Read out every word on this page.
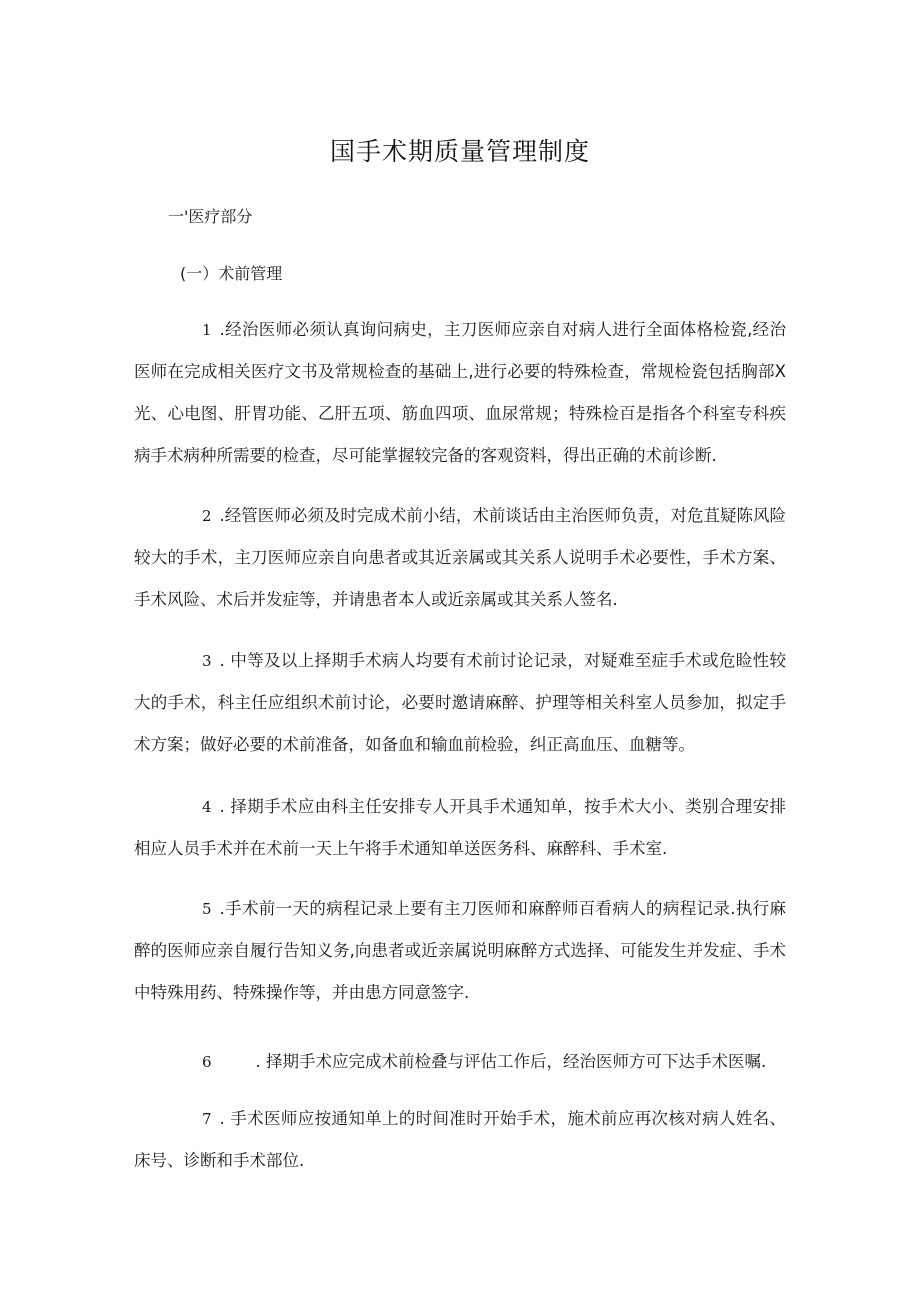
国手术期质量管理制度
一'医疗部分
(一）术前管理

1 .经治医师必须认真询问病史，主刀医师应亲自对病人进行全面体格检瓷,经治医师在完成相关医疗文书及常规检查的基础上,进行必要的特殊检查，常规检瓷包括胸部X光、心电图、肝胃功能、乙肝五项、筋血四项、血尿常规；特殊检百是指各个科室专科疾病手术病种所需要的检查，尽可能掌握较完备的客观资料，得出正确的术前诊断.

2 .经管医师必须及时完成术前小结，术前谈话由主治医师负责，对危苴疑陈风险较大的手术，主刀医师应亲自向患者或其近亲属或其关系人说明手术必要性，手术方案、手术风险、术后并发症等，并请患者本人或近亲属或其关系人签名.

3 . 中等及以上择期手术病人均要有术前讨论记录，对疑难至症手术或危睑性较大的手术，科主任应组织术前讨论，必要时邀请麻醉、护理等相关科室人员参加，拟定手术方案；做好必要的术前准备，如备血和输血前检验，纠正高血压、血糖等。

4 . 择期手术应由科主任安排专人开具手术通知单，按手术大小、类别合理安排相应人员手术并在术前一天上午将手术通知单送医务科、麻醉科、手术室.

5 .手术前一天的病程记录上要有主刀医师和麻醉师百看病人的病程记录.执行麻醉的医师应亲自履行告知义务,向患者或近亲属说明麻醉方式选择、可能发生并发症、手术中特殊用药、特殊操作等，并由患方同意签字.

6	. 择期手术应完成术前检叠与评估工作后，经治医师方可下达手术医嘱.

7 . 手术医师应按通知单上的时间准时开始手术，施术前应再次核对病人姓名、床号、诊断和手术部位.
